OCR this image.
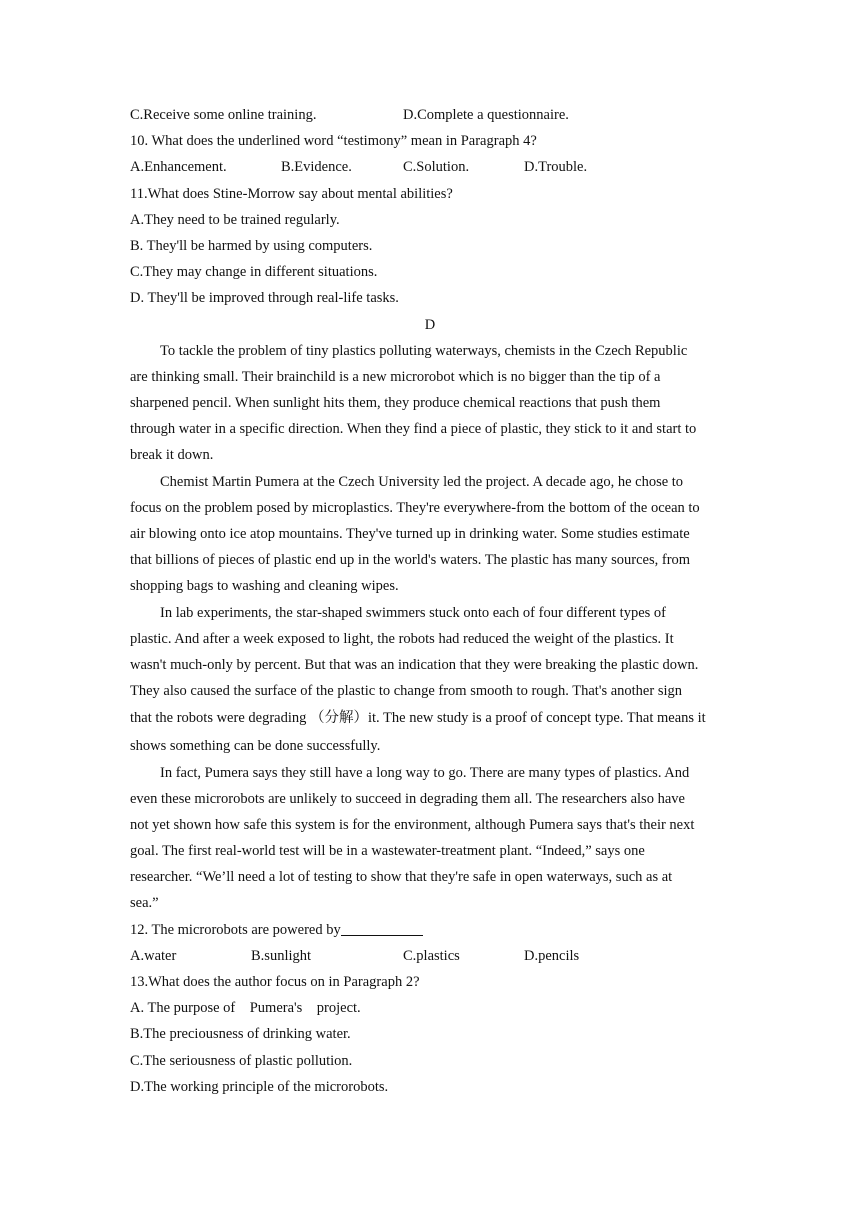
C.Receive some online training.	D.Complete a questionnaire.
10. What does the underlined word “testimony” mean in Paragraph 4?
A.Enhancement.	B.Evidence.	C.Solution.	D.Trouble.
11.What does Stine-Morrow say about mental abilities?
A.They need to be trained regularly.
B. They'll be harmed by using computers.
C.They may change in different situations.
D. They'll be improved through real-life tasks.
D
To tackle the problem of tiny plastics polluting waterways, chemists in the Czech Republic
are thinking small. Their brainchild is a new microrobot which is no bigger than the tip of a
sharpened pencil. When sunlight hits them, they produce chemical reactions that push them
through water in a specific direction. When they find a piece of plastic, they stick to it and start to
break it down.
Chemist Martin Pumera at the Czech University led the project. A decade ago, he chose to
focus on the problem posed by microplastics. They're everywhere-from the bottom of the ocean to
air blowing onto ice atop mountains. They've turned up in drinking water. Some studies estimate
that billions of pieces of plastic end up in the world's waters. The plastic has many sources, from
shopping bags to washing and cleaning wipes.
In lab experiments, the star-shaped swimmers stuck onto each of four different types of
plastic. And after a week exposed to light, the robots had reduced the weight of the plastics. It
wasn't much-only by percent. But that was an indication that they were breaking the plastic down.
They also caused the surface of the plastic to change from smooth to rough. That's another sign
that the robots were degrading （分解）it. The new study is a proof of concept type. That means it
shows something can be done successfully.
In fact, Pumera says they still have a long way to go. There are many types of plastics. And
even these microrobots are unlikely to succeed in degrading them all. The researchers also have
not yet shown how safe this system is for the environment, although Pumera says that's their next
goal. The first real-world test will be in a wastewater-treatment plant. “Indeed,” says one
researcher. “We’ll need a lot of testing to show that they're safe in open waterways, such as at
sea.”
12. The microrobots are powered by
A.water	B.sunlight	C.plastics	D.pencils
13.What does the author focus on in Paragraph 2?
A. The purpose of    Pumera's    project.
B.The preciousness of drinking water.
C.The seriousness of plastic pollution.
D.The working principle of the microrobots.
